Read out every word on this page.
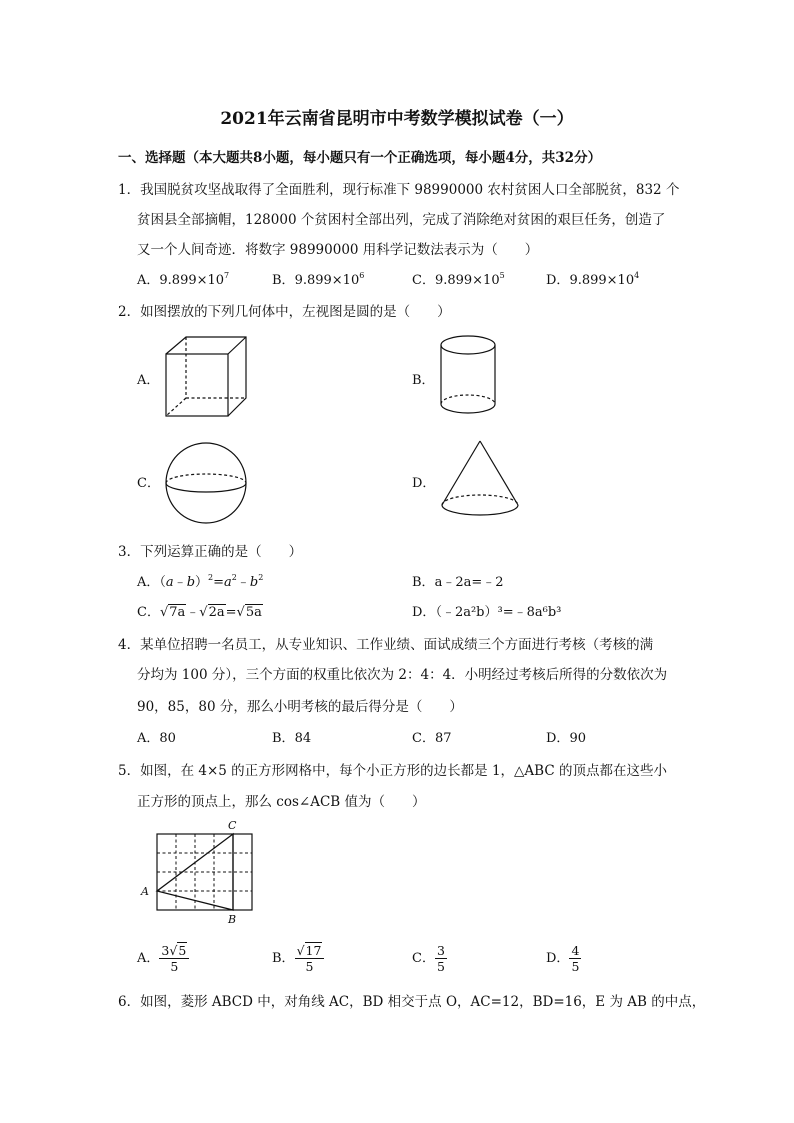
2021年云南省昆明市中考数学模拟试卷（一）
一、选择题（本大题共8小题，每小题只有一个正确选项，每小题4分，共32分）
1．我国脱贫攻坚战取得了全面胜利，现行标准下 98990000 农村贫困人口全部脱贫，832 个
贫困县全部摘帽，128000 个贫困村全部出列，完成了消除绝对贫困的艰巨任务，创造了
又一个人间奇迹．将数字 98990000 用科学记数法表示为（　　）
A．$9.899\times 10^7$	B．$9.899\times 10^6$	C．$9.899\times 10^5$	D．$9.899\times 10^4$
2．如图摆放的下列几何体中，左视图是圆的是（　　）
A．	B．
C．	D．
3．下列运算正确的是（　　）
A．$(a﹣b)^2=a^2﹣b^2$	B．a﹣2a=﹣2
C．√7a﹣√2a=√5a	D．（﹣2a²b）³=﹣8a⁶b³
4．某单位招聘一名员工，从专业知识、工作业绩、面试成绩三个方面进行考核（考核的满
分均为 100 分），三个方面的权重比依次为 2：4：4．小明经过考核后所得的分数依次为
90，85，80 分，那么小明考核的最后得分是（　　）
A．80	B．84	C．87	D．90
5．如图，在 4×5 的正方形网格中，每个小正方形的边长都是 1，△ABC 的顶点都在这些小
正方形的顶点上，那么 cos∠ACB 值为（　　）
C
A
B
A． $\frac{3√5}{5}$	B． $\frac{√17}{5}$	C． $\frac{3}{5}$	D． $\frac{4}{5}$
6．如图，菱形 ABCD 中，对角线 AC，BD 相交于点 O，AC=12，BD=16，E 为 AB 的中点，
